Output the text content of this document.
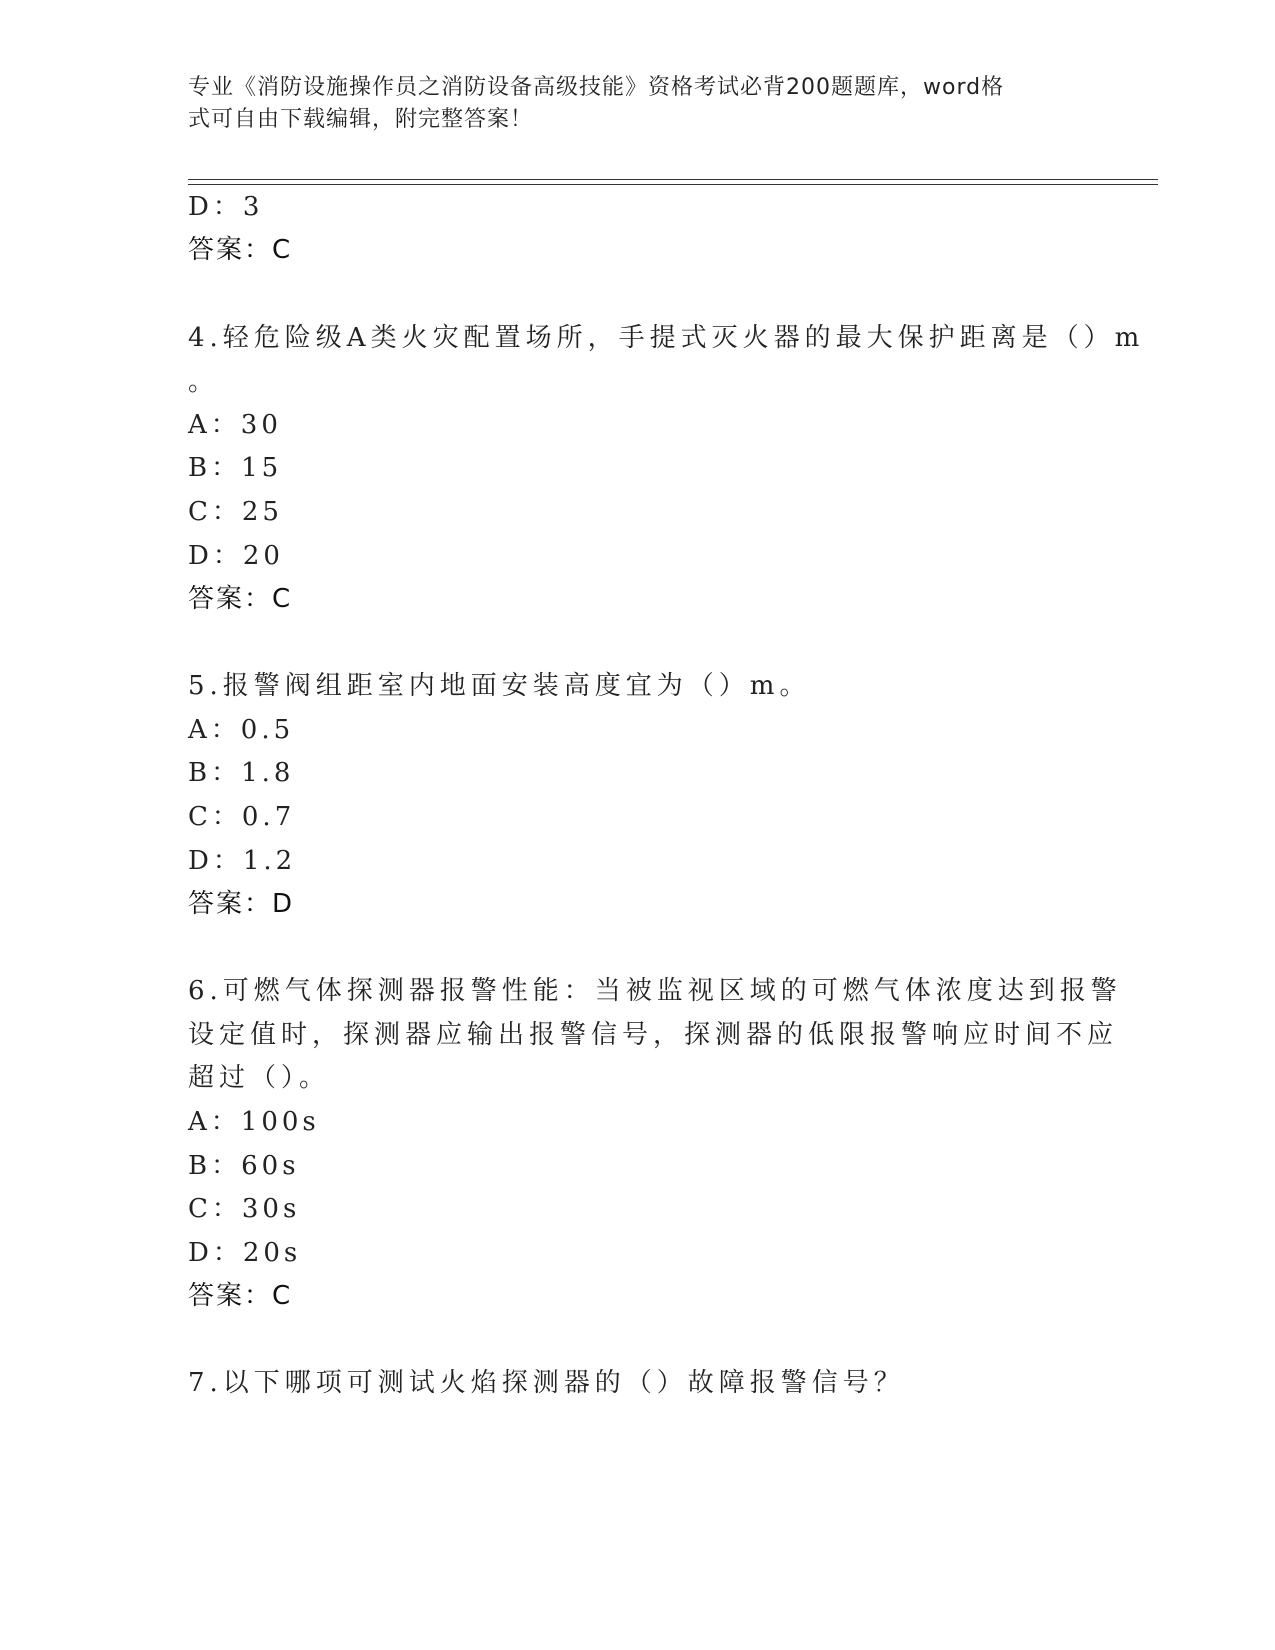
专业《消防设施操作员之消防设备高级技能》资格考试必背200题题库，word格
式可自由下载编辑，附完整答案！
D：3
答案：C
4.轻危险级A类火灾配置场所，手提式灭火器的最大保护距离是（）m
。
A：30
B：15
C：25
D：20
答案：C
5.报警阀组距室内地面安装高度宜为（）m。
A：0.5
B：1.8
C：0.7
D：1.2
答案：D
6.可燃气体探测器报警性能：当被监视区域的可燃气体浓度达到报警
设定值时，探测器应输出报警信号，探测器的低限报警响应时间不应
超过（）。
A：100s
B：60s
C：30s
D：20s
答案：C
7.以下哪项可测试火焰探测器的（）故障报警信号？
